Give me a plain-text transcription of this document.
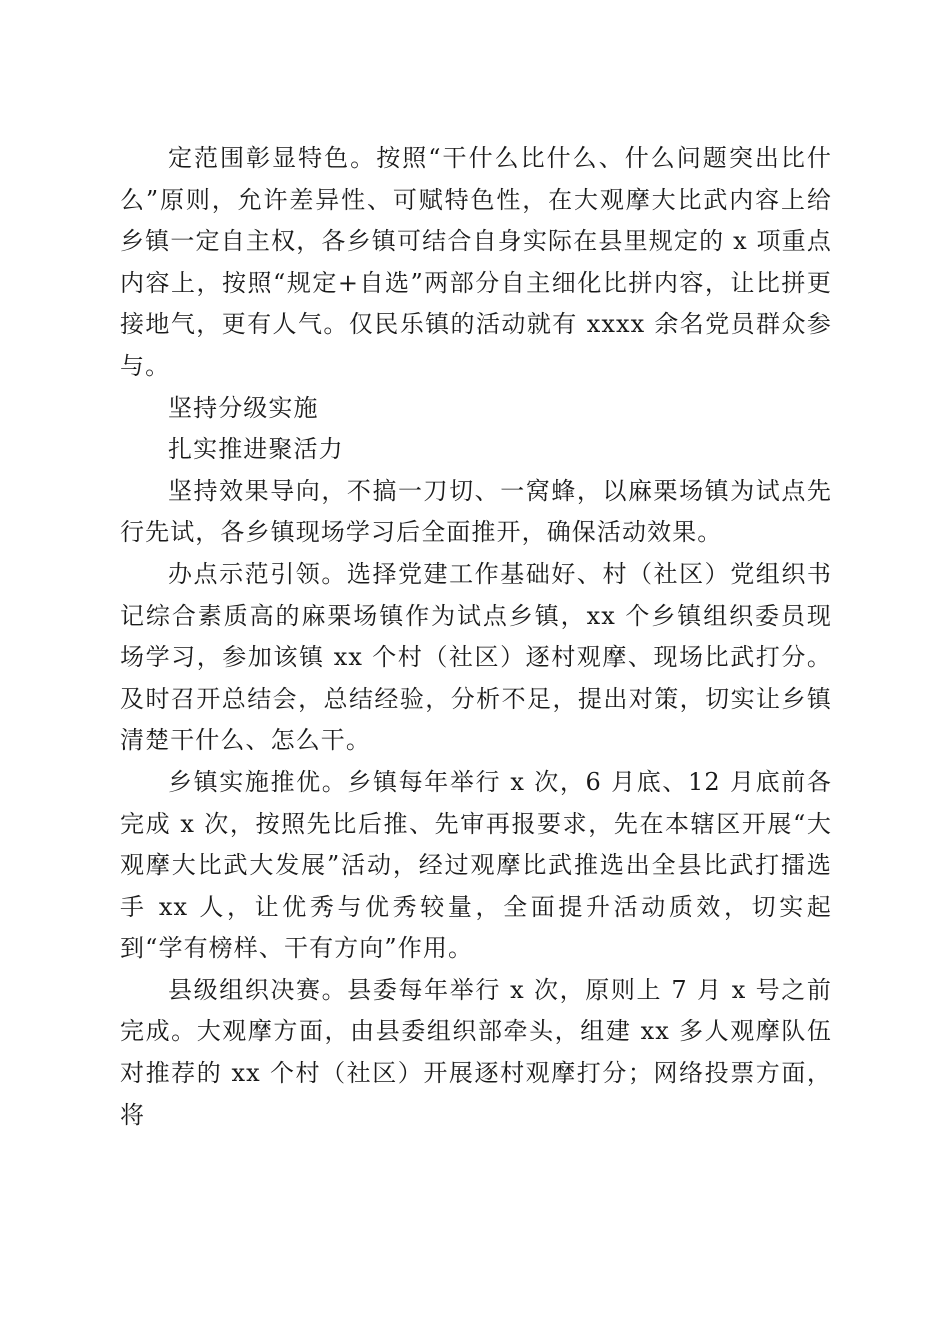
定范围彰显特色。按照“干什么比什么、什么问题突出比什么”原则，允许差异性、可赋特色性，在大观摩大比武内容上给乡镇一定自主权，各乡镇可结合自身实际在县里规定的 x 项重点内容上，按照“规定+自选”两部分自主细化比拼内容，让比拼更接地气，更有人气。仅民乐镇的活动就有 xxxx 余名党员群众参与。

坚持分级实施

扎实推进聚活力

坚持效果导向，不搞一刀切、一窝蜂，以麻栗场镇为试点先行先试，各乡镇现场学习后全面推开，确保活动效果。

办点示范引领。选择党建工作基础好、村（社区）党组织书记综合素质高的麻栗场镇作为试点乡镇，xx 个乡镇组织委员现场学习，参加该镇 xx 个村（社区）逐村观摩、现场比武打分。及时召开总结会，总结经验，分析不足，提出对策，切实让乡镇清楚干什么、怎么干。

乡镇实施推优。乡镇每年举行 x 次，6 月底、12 月底前各完成 x 次，按照先比后推、先审再报要求，先在本辖区开展“大观摩大比武大发展”活动，经过观摩比武推选出全县比武打擂选手 xx 人，让优秀与优秀较量，全面提升活动质效，切实起到“学有榜样、干有方向”作用。

县级组织决赛。县委每年举行 x 次，原则上 7 月 x 号之前完成。大观摩方面，由县委组织部牵头，组建 xx 多人观摩队伍对推荐的 xx 个村（社区）开展逐村观摩打分；网络投票方面，将
